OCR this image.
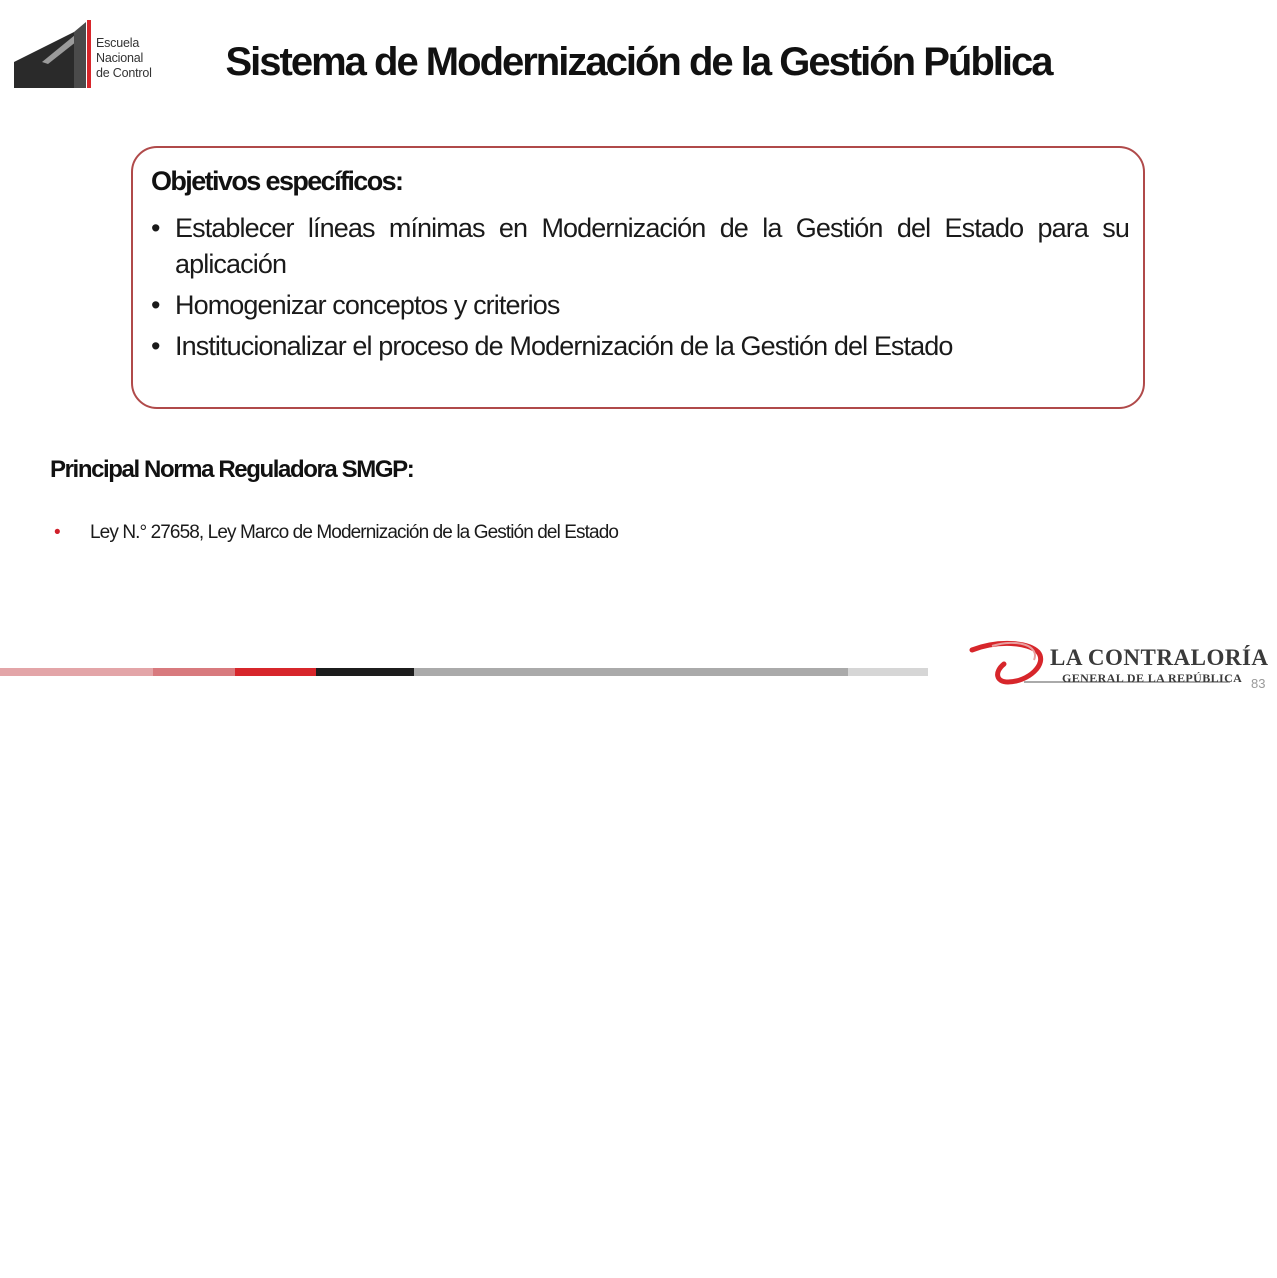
Escuela
Nacional
de Control	Sistema de Modernización de la Gestión Pública
Objetivos específicos:
• Establecer líneas mínimas en Modernización de la Gestión del Estado para su aplicación
• Homogenizar conceptos y criterios
• Institucionalizar el proceso de Modernización de la Gestión del Estado
Principal Norma Reguladora SMGP:
• Ley N.° 27658, Ley Marco de Modernización de la Gestión del Estado
LA CONTRALORÍA
GENERAL DE LA REPÚBLICA 83
